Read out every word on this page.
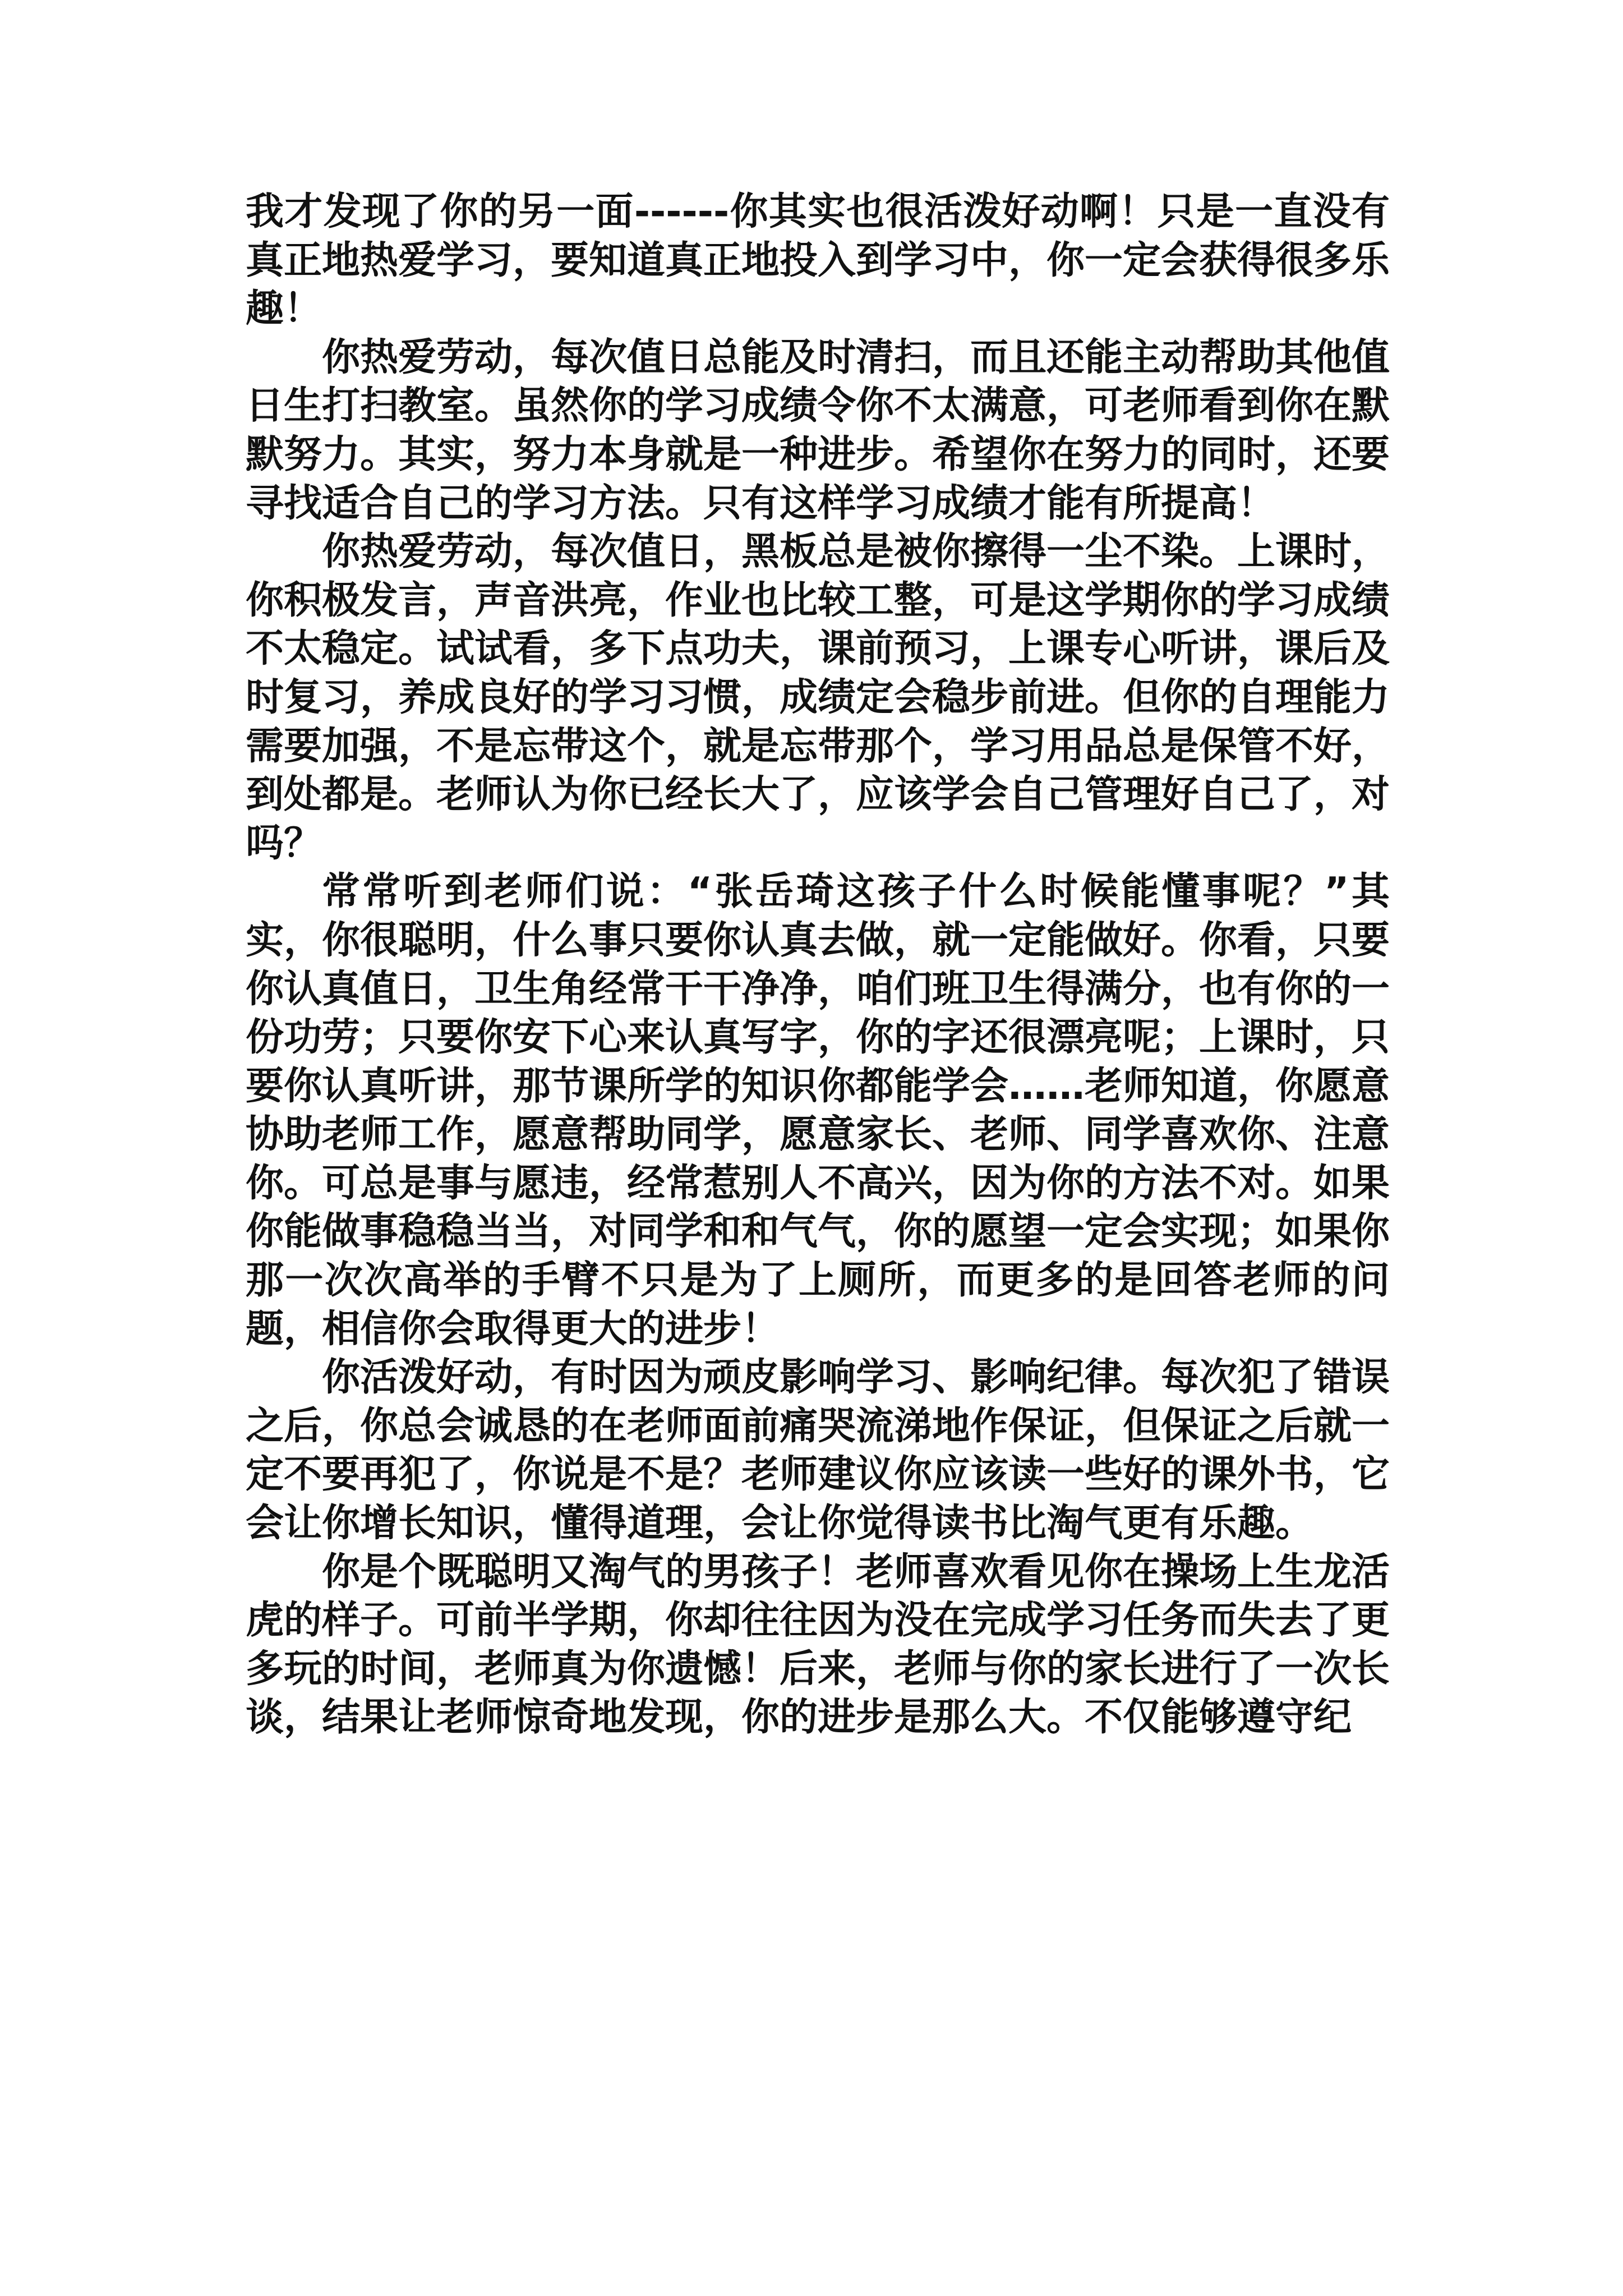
我才发现了你的另一面------你其实也很活泼好动啊！只是一直没有真正地热爱学习，要知道真正地投入到学习中，你一定会获得很多乐趣！

你热爱劳动，每次值日总能及时清扫，而且还能主动帮助其他值日生打扫教室。虽然你的学习成绩令你不太满意，可老师看到你在默默努力。其实，努力本身就是一种进步。希望你在努力的同时，还要寻找适合自己的学习方法。只有这样学习成绩才能有所提高！

你热爱劳动，每次值日，黑板总是被你擦得一尘不染。上课时，你积极发言，声音洪亮，作业也比较工整，可是这学期你的学习成绩不太稳定。试试看，多下点功夫，课前预习，上课专心听讲，课后及时复习，养成良好的学习习惯，成绩定会稳步前进。但你的自理能力需要加强，不是忘带这个，就是忘带那个，学习用品总是保管不好，到处都是。老师认为你已经长大了，应该学会自己管理好自己了，对吗？

常常听到老师们说：“张岳琦这孩子什么时候能懂事呢？”其实，你很聪明，什么事只要你认真去做，就一定能做好。你看，只要你认真值日，卫生角经常干干净净，咱们班卫生得满分，也有你的一份功劳；只要你安下心来认真写字，你的字还很漂亮呢；上课时，只要你认真听讲，那节课所学的知识你都能学会……老师知道，你愿意协助老师工作，愿意帮助同学，愿意家长、老师、同学喜欢你、注意你。可总是事与愿违，经常惹别人不高兴，因为你的方法不对。如果你能做事稳稳当当，对同学和和气气，你的愿望一定会实现；如果你那一次次高举的手臂不只是为了上厕所，而更多的是回答老师的问题，相信你会取得更大的进步！

你活泼好动，有时因为顽皮影响学习、影响纪律。每次犯了错误之后，你总会诚恳的在老师面前痛哭流涕地作保证，但保证之后就一定不要再犯了，你说是不是？老师建议你应该读一些好的课外书，它会让你增长知识，懂得道理，会让你觉得读书比淘气更有乐趣。

你是个既聪明又淘气的男孩子！老师喜欢看见你在操场上生龙活虎的样子。可前半学期，你却往往因为没在完成学习任务而失去了更多玩的时间，老师真为你遗憾！后来，老师与你的家长进行了一次长谈，结果让老师惊奇地发现，你的进步是那么大。不仅能够遵守纪
